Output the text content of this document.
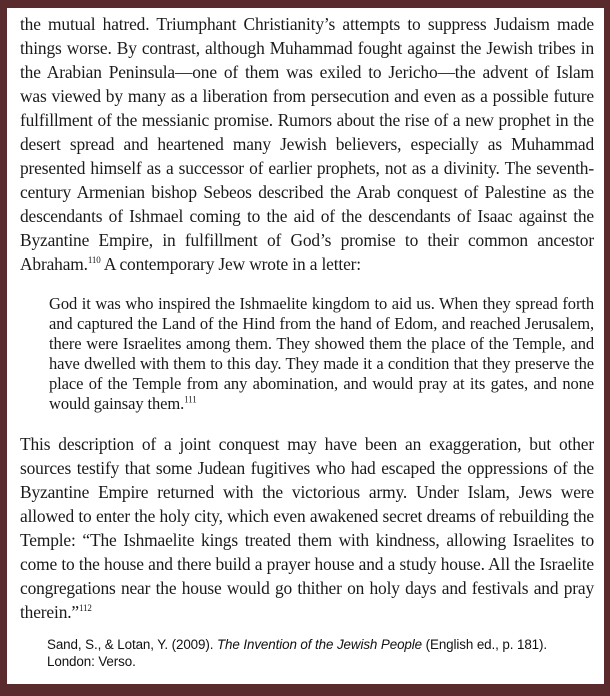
the mutual hatred. Triumphant Christianity’s attempts to suppress Judaism made things worse. By contrast, although Muhammad fought against the Jewish tribes in the Arabian Peninsula—one of them was exiled to Jericho—the advent of Islam was viewed by many as a liberation from persecution and even as a possible future fulfillment of the messianic promise. Rumors about the rise of a new prophet in the desert spread and heartened many Jewish believers, especially as Muhammad presented himself as a successor of earlier prophets, not as a divinity. The seventh-century Armenian bishop Sebeos described the Arab conquest of Palestine as the descendants of Ishmael coming to the aid of the descendants of Isaac against the Byzantine Empire, in fulfillment of God’s promise to their common ancestor Abraham.$^{110}$ A contemporary Jew wrote in a letter:

God it was who inspired the Ishmaelite kingdom to aid us. When they spread forth and captured the Land of the Hind from the hand of Edom, and reached Jerusalem, there were Israelites among them. They showed them the place of the Temple, and have dwelled with them to this day. They made it a condition that they preserve the place of the Temple from any abomination, and would pray at its gates, and none would gainsay them.$^{111}$

This description of a joint conquest may have been an exaggeration, but other sources testify that some Judean fugitives who had escaped the oppressions of the Byzantine Empire returned with the victorious army. Under Islam, Jews were allowed to enter the holy city, which even awakened secret dreams of rebuilding the Temple: “The Ishmaelite kings treated them with kindness, allowing Israelites to come to the house and there build a prayer house and a study house. All the Israelite congregations near the house would go thither on holy days and festivals and pray therein.”$^{112}$

Sand, S., & Lotan, Y. (2009). The Invention of the Jewish People (English ed., p. 181). London: Verso.
